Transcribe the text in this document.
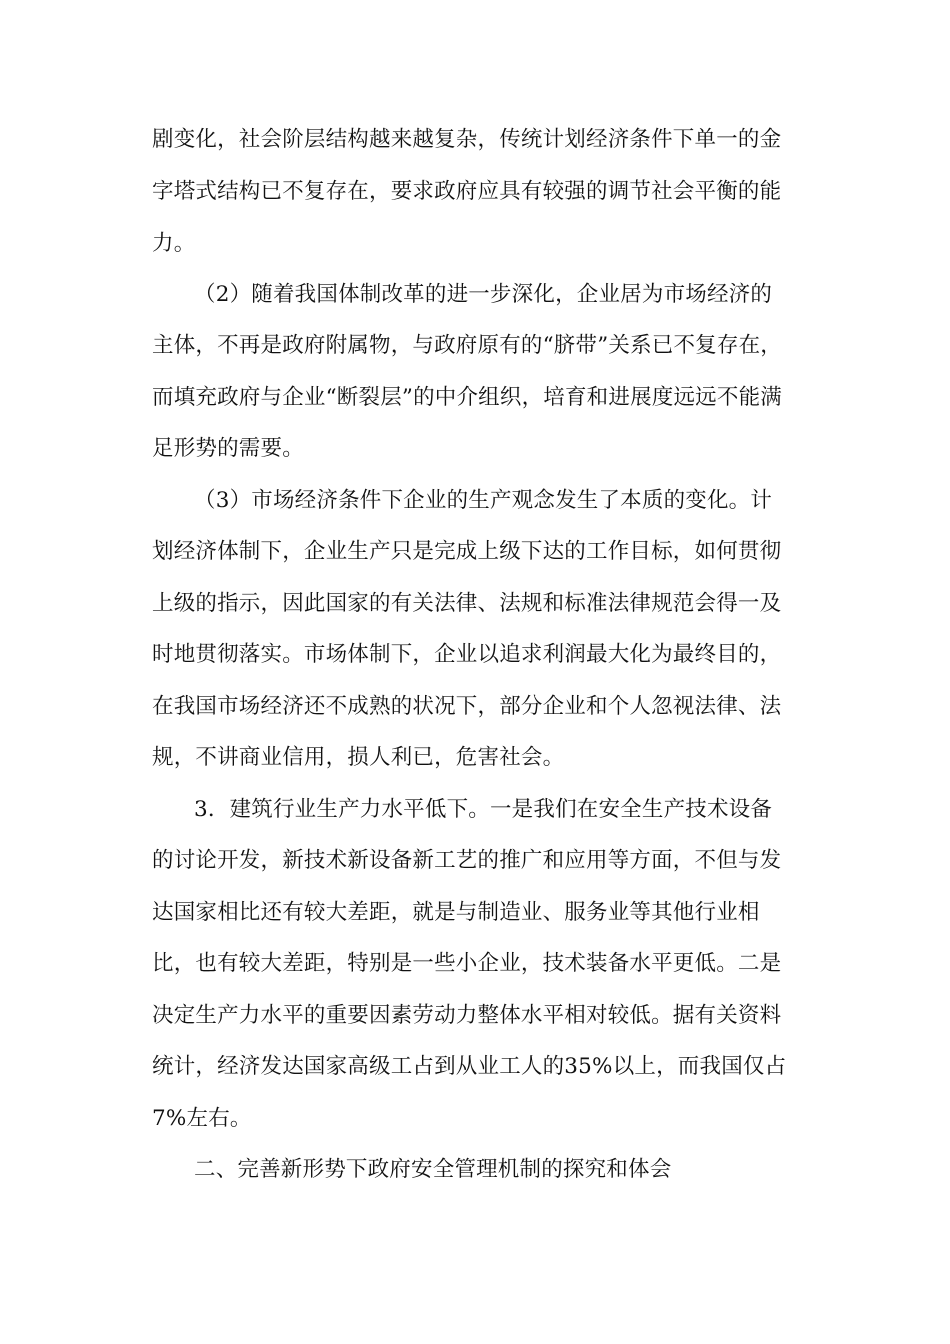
剧变化，社会阶层结构越来越复杂，传统计划经济条件下单一的金
字塔式结构已不复存在，要求政府应具有较强的调节社会平衡的能
力。
（2）随着我国体制改革的进一步深化，企业居为市场经济的
主体，不再是政府附属物，与政府原有的“脐带”关系已不复存在，
而填充政府与企业“断裂层”的中介组织，培育和进展度远远不能满
足形势的需要。
（3）市场经济条件下企业的生产观念发生了本质的变化。计
划经济体制下，企业生产只是完成上级下达的工作目标，如何贯彻
上级的指示，因此国家的有关法律、法规和标准法律规范会得一及
时地贯彻落实。市场体制下，企业以追求利润最大化为最终目的，
在我国市场经济还不成熟的状况下，部分企业和个人忽视法律、法
规，不讲商业信用，损人利已，危害社会。
3．建筑行业生产力水平低下。一是我们在安全生产技术设备
的讨论开发，新技术新设备新工艺的推广和应用等方面，不但与发
达国家相比还有较大差距，就是与制造业、服务业等其他行业相
比，也有较大差距，特别是一些小企业，技术装备水平更低。二是
决定生产力水平的重要因素劳动力整体水平相对较低。据有关资料
统计，经济发达国家高级工占到从业工人的35%以上，而我国仅占
7%左右。
二、完善新形势下政府安全管理机制的探究和体会
